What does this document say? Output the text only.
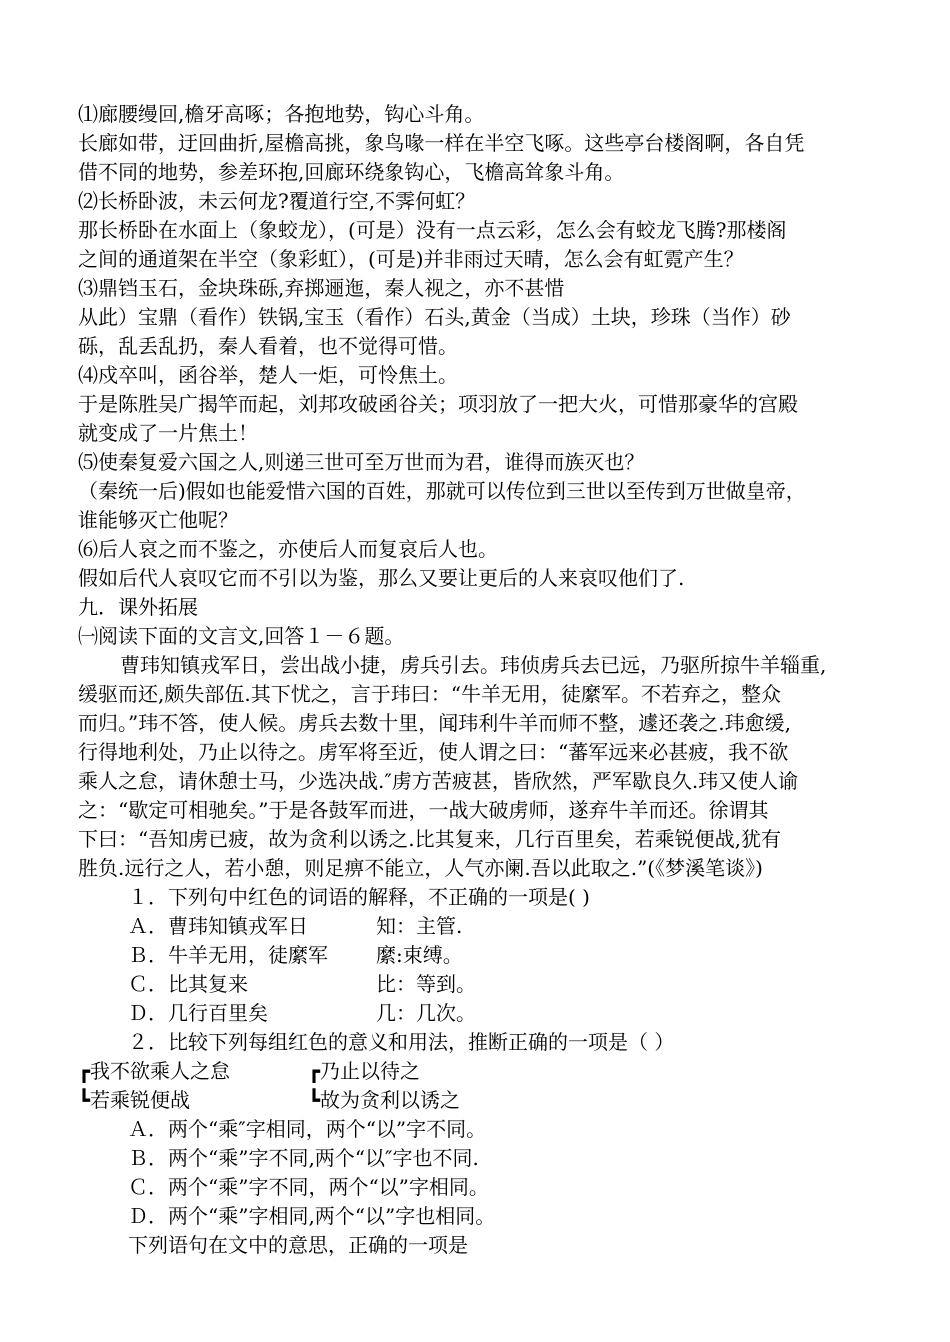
⑴廊腰缦回,檐牙高啄；各抱地势，钩心斗角。
长廊如带，迂回曲折,屋檐高挑，象鸟喙一样在半空飞啄。这些亭台楼阁啊，各自凭
借不同的地势，参差环抱,回廊环绕象钩心，飞檐高耸象斗角。
⑵长桥卧波，未云何龙?覆道行空,不霁何虹？
那长桥卧在水面上（象蛟龙），(可是）没有一点云彩，怎么会有蛟龙飞腾?那楼阁
之间的通道架在半空（象彩虹），(可是)并非雨过天晴，怎么会有虹霓产生？
⑶鼎铛玉石，金块珠砾,弃掷逦迤，秦人视之，亦不甚惜
从此）宝鼎（看作）铁锅,宝玉（看作）石头,黄金（当成）土块，珍珠（当作）砂
砾，乱丢乱扔，秦人看着，也不觉得可惜。
⑷戍卒叫，函谷举，楚人一炬，可怜焦土。
于是陈胜吴广揭竿而起，刘邦攻破函谷关；项羽放了一把大火，可惜那豪华的宫殿
就变成了一片焦土！
⑸使秦复爱六国之人,则递三世可至万世而为君，谁得而族灭也？
（秦统一后)假如也能爱惜六国的百姓，那就可以传位到三世以至传到万世做皇帝，
谁能够灭亡他呢？
⑹后人哀之而不鉴之，亦使后人而复哀后人也。
假如后代人哀叹它而不引以为鉴，那么又要让更后的人来哀叹他们了.
九．课外拓展
㈠阅读下面的文言文,回答１－６题。
曹玮知镇戎军日，尝出战小捷，虏兵引去。玮侦虏兵去已远，乃驱所掠牛羊辎重,
缓驱而还,颇失部伍.其下忧之，言于玮曰：“牛羊无用，徒縻军。不若弃之，整众
而归。”玮不答，使人候。虏兵去数十里，闻玮利牛羊而师不整，遽还袭之.玮愈缓,
行得地利处，乃止以待之。虏军将至近，使人谓之曰：“蕃军远来必甚疲，我不欲
乘人之怠，请休憩士马，少选决战.″虏方苦疲甚，皆欣然，严军歇良久.玮又使人谕
之：“歇定可相驰矣。”于是各鼓军而进，一战大破虏师，遂弃牛羊而还。徐谓其
下曰：“吾知虏已疲，故为贪利以诱之.比其复来，几行百里矣，若乘锐便战,犹有
胜负.远行之人，若小憩，则足痹不能立，人气亦阑.吾以此取之.”(《梦溪笔谈》)
１．下列句中红色的词语的解释，不正确的一项是( )
Ａ．曹玮知镇戎军日	知：主管.
Ｂ．牛羊无用，徒縻军	縻:束缚。
Ｃ．比其复来	比：等到。
Ｄ．几行百里矣	几：几次。
２．比较下列每组红色的意义和用法，推断正确的一项是（ ）
┏我不欲乘人之怠	┏乃止以待之
┗若乘锐便战	┗故为贪利以诱之
Ａ．两个“乘″字相同，两个“以”字不同。
Ｂ．两个“乘”字不同,两个“以″字也不同.
Ｃ．两个“乘”字不同，两个“以”字相同。
Ｄ．两个“乘”字相同,两个“以”字也相同。
下列语句在文中的意思，正确的一项是
